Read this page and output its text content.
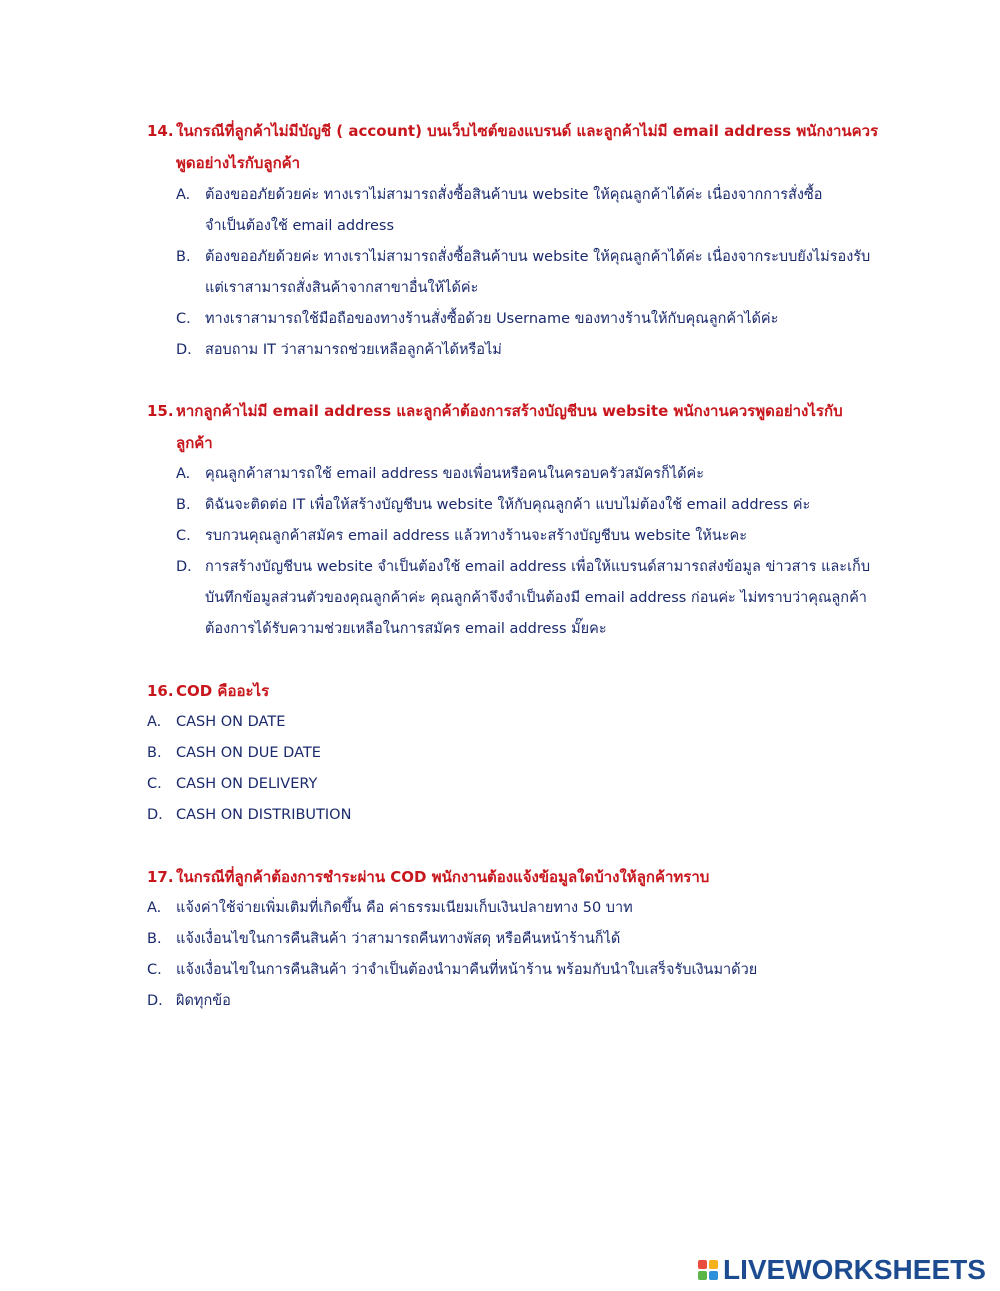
14. ในกรณีที่ลูกค้าไม่มีบัญชี ( account) บนเว็บไซต์ของแบรนด์ และลูกค้าไม่มี email address พนักงานควร
พูดอย่างไรกับลูกค้า
A. ต้องขออภัยด้วยค่ะ ทางเราไม่สามารถสั่งซื้อสินค้าบน website ให้คุณลูกค้าได้ค่ะ เนื่องจากการสั่งซื้อ
จำเป็นต้องใช้ email address
B. ต้องขออภัยด้วยค่ะ ทางเราไม่สามารถสั่งซื้อสินค้าบน website ให้คุณลูกค้าได้ค่ะ เนื่องจากระบบยังไม่รองรับ
แต่เราสามารถสั่งสินค้าจากสาขาอื่นให้ได้ค่ะ
C. ทางเราสามารถใช้มือถือของทางร้านสั่งซื้อด้วย Username ของทางร้านให้กับคุณลูกค้าได้ค่ะ
D. สอบถาม IT ว่าสามารถช่วยเหลือลูกค้าได้หรือไม่
15. หากลูกค้าไม่มี email address และลูกค้าต้องการสร้างบัญชีบน website พนักงานควรพูดอย่างไรกับ
ลูกค้า
A. คุณลูกค้าสามารถใช้ email address ของเพื่อนหรือคนในครอบครัวสมัครก็ได้ค่ะ
B. ดิฉันจะติดต่อ IT เพื่อให้สร้างบัญชีบน website ให้กับคุณลูกค้า แบบไม่ต้องใช้ email address ค่ะ
C. รบกวนคุณลูกค้าสมัคร email address แล้วทางร้านจะสร้างบัญชีบน website ให้นะคะ
D. การสร้างบัญชีบน website จำเป็นต้องใช้ email address เพื่อให้แบรนด์สามารถส่งข้อมูล ข่าวสาร และเก็บ
บันทึกข้อมูลส่วนตัวของคุณลูกค้าค่ะ คุณลูกค้าจึงจำเป็นต้องมี email address ก่อนค่ะ ไม่ทราบว่าคุณลูกค้า
ต้องการได้รับความช่วยเหลือในการสมัคร email address มั๊ยคะ
16. COD คืออะไร
A. CASH ON DATE
B. CASH ON DUE DATE
C. CASH ON DELIVERY
D. CASH ON DISTRIBUTION
17. ในกรณีที่ลูกค้าต้องการชำระผ่าน COD พนักงานต้องแจ้งข้อมูลใดบ้างให้ลูกค้าทราบ
A. แจ้งค่าใช้จ่ายเพิ่มเติมที่เกิดขึ้น คือ ค่าธรรมเนียมเก็บเงินปลายทาง 50 บาท
B. แจ้งเงื่อนไขในการคืนสินค้า ว่าสามารถคืนทางพัสดุ หรือคืนหน้าร้านก็ได้
C. แจ้งเงื่อนไขในการคืนสินค้า ว่าจำเป็นต้องนำมาคืนที่หน้าร้าน พร้อมกับนำใบเสร็จรับเงินมาด้วย
D. ผิดทุกข้อ
LIVEWORKSHEETS
